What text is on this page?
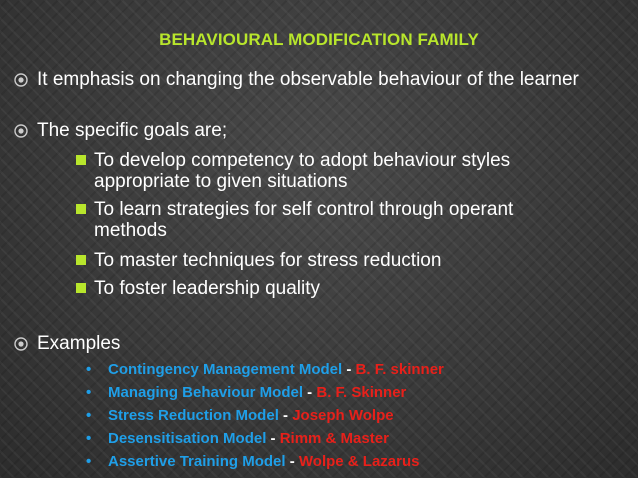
BEHAVIOURAL MODIFICATION FAMILY
It emphasis on changing the observable behaviour of the learner
The specific goals are;
To develop competency to adopt behaviour styles appropriate to given situations
To learn strategies for self control through operant methods
To master techniques for stress reduction
To foster leadership quality
Examples
• Contingency Management Model - B. F. skinner
• Managing Behaviour Model - B. F. Skinner
• Stress Reduction Model - Joseph Wolpe
• Desensitisation Model - Rimm & Master
• Assertive Training Model - Wolpe & Lazarus
